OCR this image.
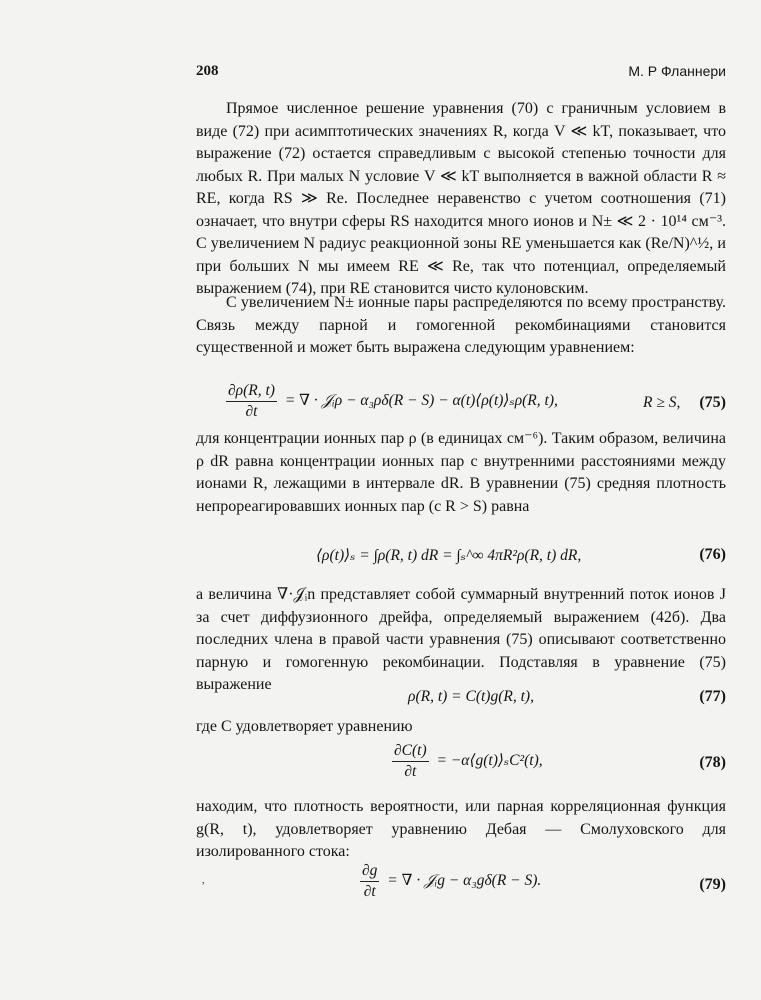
208	М. Р Фланнери

Прямое численное решение уравнения (70) с граничным условием в виде (72) при асимптотических значениях R, когда V ≪ kT, показывает, что выражение (72) остается справедливым с высокой степенью точности для любых R. При малых N условие V ≪ kT выполняется в важной области R ≈ RE, когда RS ≫ Re. Последнее неравенство с учетом соотношения (71) означает, что внутри сферы RS находится много ионов и N± ≪ 2 · 10¹⁴ см⁻³. С увеличением N радиус реакционной зоны RE уменьшается как (Re/N)^½, и при больших N мы имеем RE ≪ Re, так что потенциал, определяемый выражением (74), при RE становится чисто кулоновским.

С увеличением N± ионные пары распределяются по всему пространству. Связь между парной и гомогенной рекомбинациями становится существенной и может быть выражена следующим уравнением:

$\frac{\partial\rho(R, t)}{\partial t}$ = ∇ · 𝒥ᵢρ − α₃ρδ(R − S) − α(t)⟨ρ(t)⟩ₛρ(R, t),	R ≥ S, (75)

для концентрации ионных пар ρ (в единицах см⁻⁶). Таким образом, величина ρ dR равна концентрации ионных пар с внутренними расстояниями между ионами R, лежащими в интервале dR. В уравнении (75) средняя плотность непрореагировавших ионных пар (с R > S) равна

⟨ρ(t)⟩ₛ = ∫ρ(R, t) dR = ∫ₛ^∞ 4πR²ρ(R, t) dR,	(76)

а величина ∇·𝒥ᵢn представляет собой суммарный внутренний поток ионов J за счет диффузионного дрейфа, определяемый выражением (42б). Два последних члена в правой части уравнения (75) описывают соответственно парную и гомогенную рекомбинации. Подставляя в уравнение (75) выражение

ρ(R, t) = C(t)g(R, t),	(77)

где C удовлетворяет уравнению

$\frac{\partial C(t)}{\partial t}$ = −α⟨g(t)⟩ₛC²(t),	(78)

находим, что плотность вероятности, или парная корреляционная функция g(R, t), удовлетворяет уравнению Дебая — Смолуховского для изолированного стока:

,	$\frac{\partial g}{\partial t}$ = ∇ · 𝒥ᵢg − α₃gδ(R − S).	(79)
